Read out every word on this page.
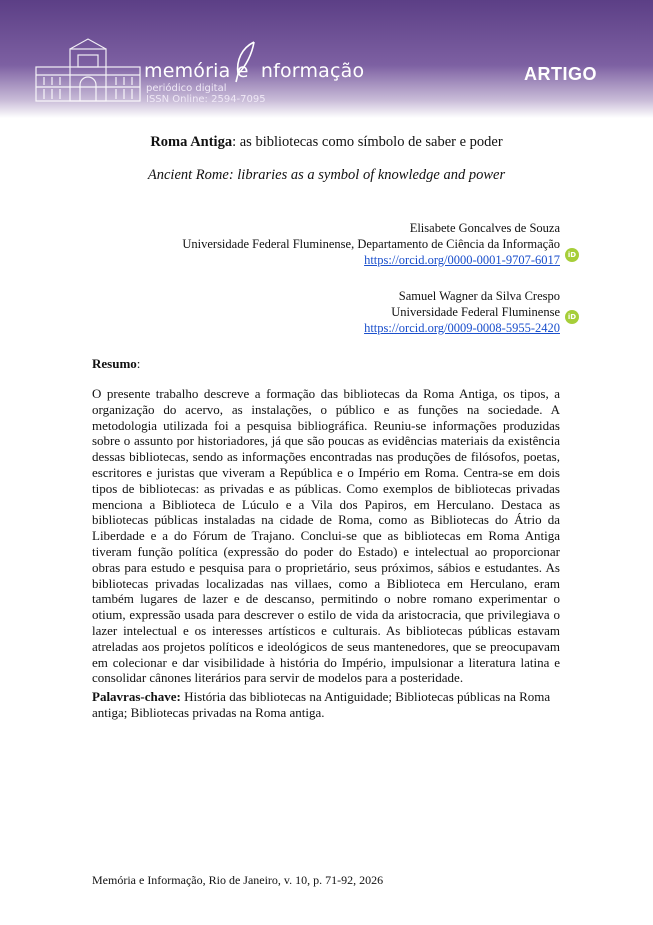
memória e nformação
periódico digital
ISSN Online: 2594-7095
ARTIGO
Roma Antiga: as bibliotecas como símbolo de saber e poder
Ancient Rome: libraries as a symbol of knowledge and power
Elisabete Goncalves de Souza
Universidade Federal Fluminense, Departamento de Ciência da Informação
https://orcid.org/0000-0001-9707-6017
Samuel Wagner da Silva Crespo
Universidade Federal Fluminense
https://orcid.org/0009-0008-5955-2420
iD
iD
Resumo:

O presente trabalho descreve a formação das bibliotecas da Roma Antiga, os tipos, a organização do acervo, as instalações, o público e as funções na sociedade. A metodologia utilizada foi a pesquisa bibliográfica. Reuniu-se informações produzidas sobre o assunto por historiadores, já que são poucas as evidências materiais da existência dessas bibliotecas, sendo as informações encontradas nas produções de filósofos, poetas, escritores e juristas que viveram a República e o Império em Roma. Centra-se em dois tipos de bibliotecas: as privadas e as públicas. Como exemplos de bibliotecas privadas menciona a Biblioteca de Lúculo e a Vila dos Papiros, em Herculano. Destaca as bibliotecas públicas instaladas na cidade de Roma, como as Bibliotecas do Átrio da Liberdade e a do Fórum de Trajano. Conclui-se que as bibliotecas em Roma Antiga tiveram função política (expressão do poder do Estado) e intelectual ao proporcionar obras para estudo e pesquisa para o proprietário, seus próximos, sábios e estudantes. As bibliotecas privadas localizadas nas villaes, como a Biblioteca em Herculano, eram também lugares de lazer e de descanso, permitindo o nobre romano experimentar o otium, expressão usada para descrever o estilo de vida da aristocracia, que privilegiava o lazer intelectual e os interesses artísticos e culturais. As bibliotecas públicas estavam atreladas aos projetos políticos e ideológicos de seus mantenedores, que se preocupavam em colecionar e dar visibilidade à história do Império, impulsionar a literatura latina e consolidar cânones literários para servir de modelos para a posteridade.

Palavras-chave: História das bibliotecas na Antiguidade; Bibliotecas públicas na Roma antiga; Bibliotecas privadas na Roma antiga.

Memória e Informação, Rio de Janeiro, v. 10, p. 71-92, 2026
